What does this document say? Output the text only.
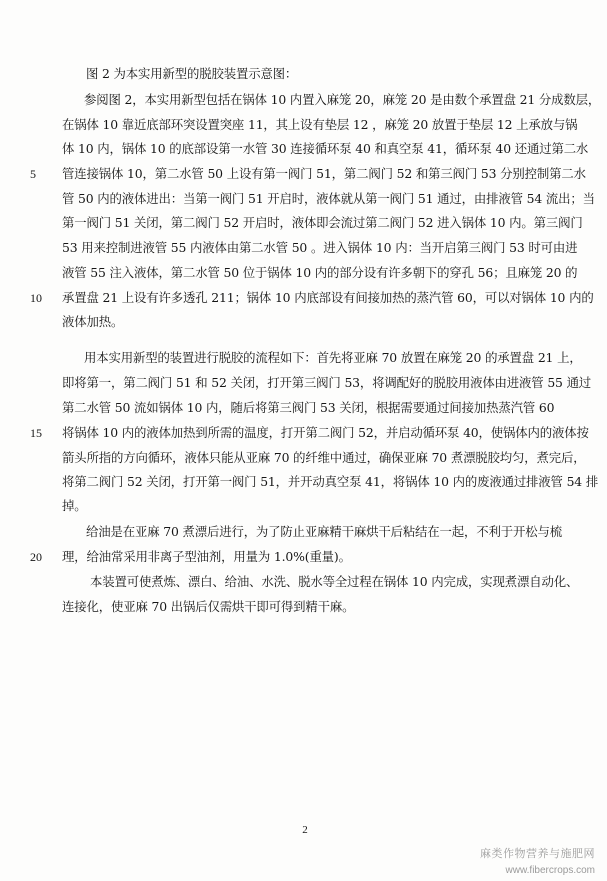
图 2 为本实用新型的脱胶装置示意图：
参阅图 2，本实用新型包括在锅体 10 内置入麻笼 20，麻笼 20 是由数个承置盘 21 分成数层，
在锅体 10 靠近底部环突设置突座 11，其上设有垫层 12 ，麻笼 20 放置于垫层 12 上承放与锅
体 10 内，锅体 10 的底部设第一水管 30 连接循环泵 40 和真空泵 41，循环泵 40 还通过第二水
5	管连接锅体 10，第二水管 50 上设有第一阀门 51，第二阀门 52 和第三阀门 53 分别控制第二水
管 50 内的液体进出：当第一阀门 51 开启时，液体就从第一阀门 51 通过，由排液管 54 流出；当
第一阀门 51 关闭，第二阀门 52 开启时，液体即会流过第二阀门 52 进入锅体 10 内。第三阀门
53 用来控制进液管 55 内液体由第二水管 50 。进入锅体 10 内：当开启第三阀门 53 时可由进
液管 55 注入液体，第二水管 50 位于锅体 10 内的部分设有许多朝下的穿孔 56；且麻笼 20 的
10	承置盘 21 上设有许多透孔 211；锅体 10 内底部设有间接加热的蒸汽管 60，可以对锅体 10 内的
液体加热。
用本实用新型的装置进行脱胶的流程如下：首先将亚麻 70 放置在麻笼 20 的承置盘 21 上，
即将第一，第二阀门 51 和 52 关闭，打开第三阀门 53，将调配好的脱胶用液体由进液管 55 通过
第二水管 50 流如锅体 10 内，随后将第三阀门 53 关闭，根据需要通过间接加热蒸汽管 60
15	将锅体 10 内的液体加热到所需的温度，打开第二阀门 52，并启动循环泵 40，使锅体内的液体按
箭头所指的方向循环，液体只能从亚麻 70 的纤维中通过，确保亚麻 70 煮漂脱胶均匀，煮完后，
将第二阀门 52 关闭，打开第一阀门 51，并开动真空泵 41，将锅体 10 内的废液通过排液管 54 排
掉。
给油是在亚麻 70 煮漂后进行，为了防止亚麻精干麻烘干后粘结在一起，不利于开松与梳
20	理，给油常采用非离子型油剂，用量为 1.0%(重量)。
本装置可使煮炼、漂白、给油、水洗、脱水等全过程在锅体 10 内完成，实现煮漂自动化、
连接化，使亚麻 70 出锅后仅需烘干即可得到精干麻。
2
麻类作物营养与施肥网
www.fibercrops.com
